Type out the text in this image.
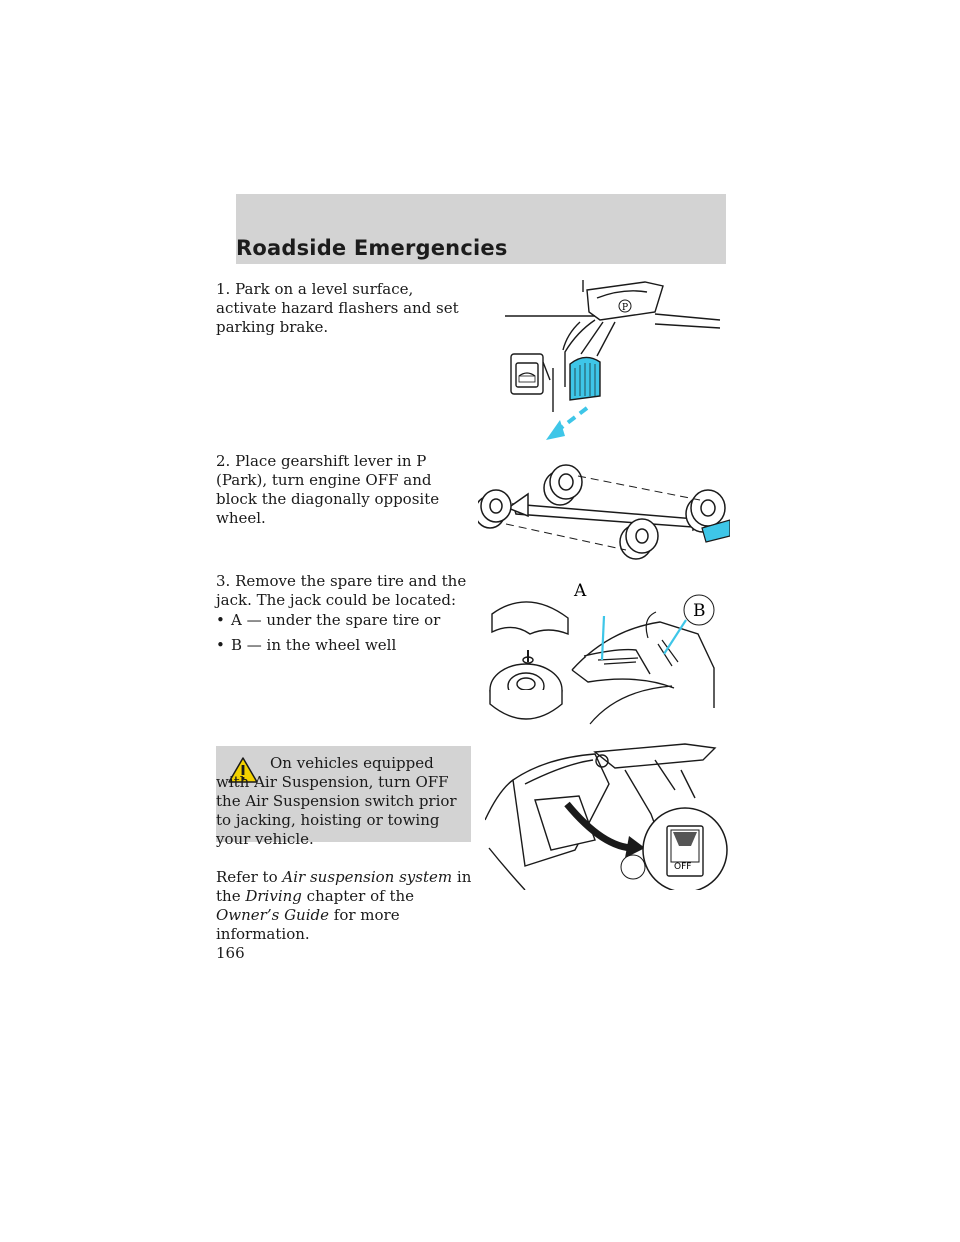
Roadside Emergencies

1. Park on a level surface, activate hazard flashers and set parking brake.

2. Place gearshift lever in P (Park), turn engine OFF and block the diagonally opposite wheel.

3. Remove the spare tire and the jack. The jack could be located:

• A — under the spare tire or
• B — in the wheel well

On vehicles equipped with Air Suspension, turn OFF the Air Suspension switch prior to jacking, hoisting or towing your vehicle.

Refer to Air suspension system in the Driving chapter of the Owner’s Guide for more information.

166
P
A
B
OFF
